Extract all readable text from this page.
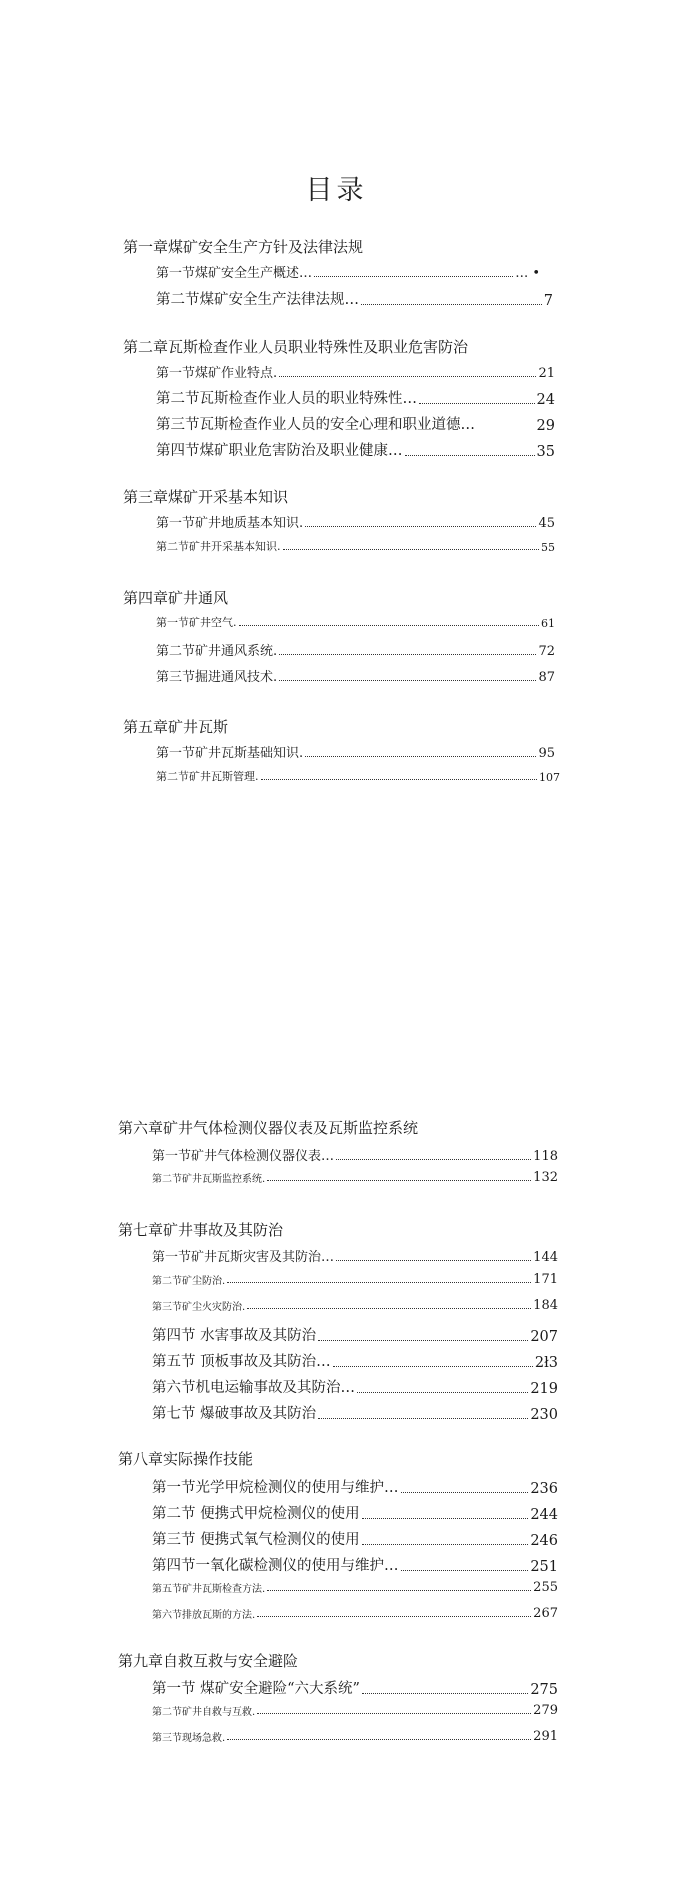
目录
第一章煤矿安全生产方针及法律法规
第一节煤矿安全生产概述…	… •
第二节煤矿安全生产法律法规…	7
第二章瓦斯检查作业人员职业特殊性及职业危害防治
第一节煤矿作业特点.	21
第二节瓦斯检查作业人员的职业特殊性…	24
第三节瓦斯检查作业人员的安全心理和职业道德…	29
第四节煤矿职业危害防治及职业健康…	35
第三章煤矿开采基本知识
第一节矿井地质基本知识.	45
第二节矿井开采基本知识.	55
第四章矿井通风
第一节矿井空气.	61
第二节矿井通风系统.	72
第三节掘进通风技术.	87
第五章矿井瓦斯
第一节矿井瓦斯基础知识.	95
第二节矿井瓦斯管理.	107
第六章矿井气体检测仪器仪表及瓦斯监控系统
第一节矿井气体检测仪器仪表…	118
第二节矿井瓦斯监控系统.	132
第七章矿井事故及其防治
第一节矿井瓦斯灾害及其防治…	144
第二节矿尘防治.	171
第三节矿尘火灾防治.	184
第四节 水害事故及其防治	207
第五节 顶板事故及其防治…	2ł3
第六节机电运输事故及其防治…	219
第七节 爆破事故及其防治	230
第八章实际操作技能
第一节光学甲烷检测仪的使用与维护…	236
第二节 便携式甲烷检测仪的使用	244
第三节 便携式氧气检测仪的使用	246
第四节一氧化碳检测仪的使用与维护…	251
第五节矿井瓦斯检查方法.	255
第六节排放瓦斯的方法.	267
第九章自救互救与安全避险
第一节 煤矿安全避险“六大系统”	275
第二节矿井自救与互救.	279
第三节现场急救.	291
